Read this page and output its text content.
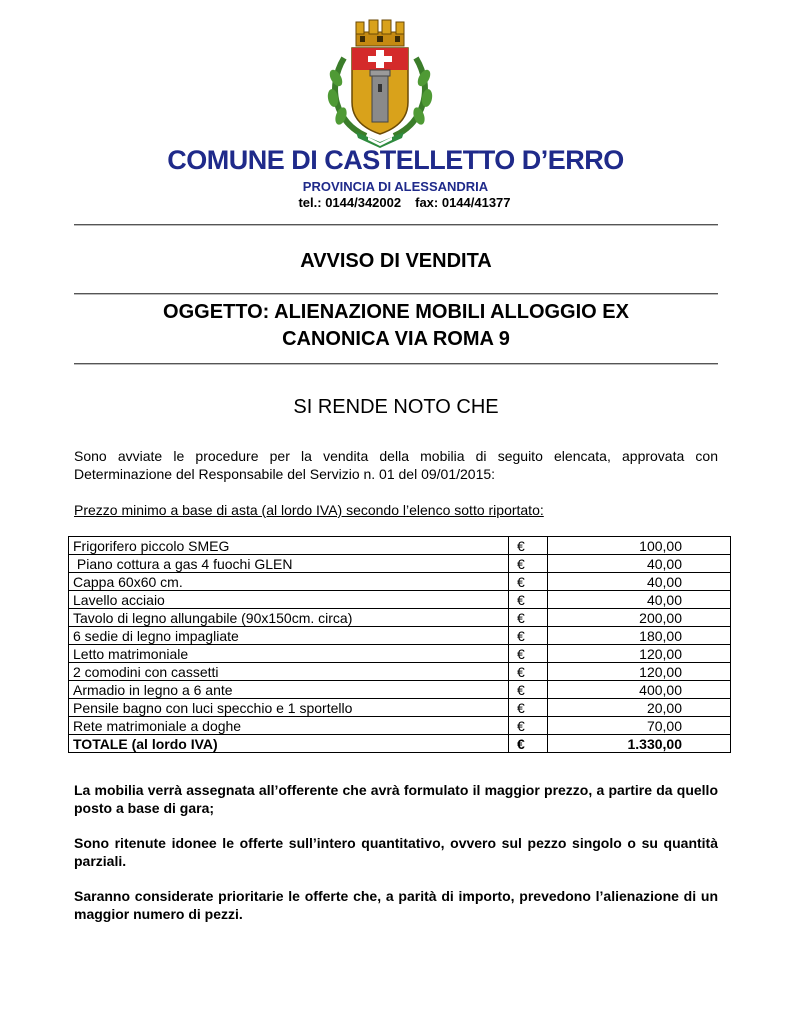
COMUNE DI CASTELLETTO D’ERRO
PROVINCIA DI ALESSANDRIA
tel.: 0144/342002 fax: 0144/41377
AVVISO DI VENDITA
OGGETTO: ALIENAZIONE MOBILI ALLOGGIO EX
CANONICA VIA ROMA 9
SI RENDE NOTO CHE
Sono avviate le procedure per la vendita della mobilia di seguito elencata, approvata con Determinazione del Responsabile del Servizio n. 01 del 09/01/2015:
Prezzo minimo a base di asta (al lordo IVA) secondo l’elenco sotto riportato:
Frigorifero piccolo SMEG	€	100,00
Piano cottura a gas 4 fuochi GLEN	€	40,00
Cappa 60x60 cm.	€	40,00
Lavello acciaio	€	40,00
Tavolo di legno allungabile (90x150cm. circa)	€	200,00
6 sedie di legno impagliate	€	180,00
Letto matrimoniale	€	120,00
2 comodini con cassetti	€	120,00
Armadio in legno a 6 ante	€	400,00
Pensile bagno con luci specchio e 1 sportello	€	20,00
Rete matrimoniale a doghe	€	70,00
TOTALE (al lordo IVA)	€	1.330,00
La mobilia verrà assegnata all’offerente che avrà formulato il maggior prezzo, a partire da quello posto a base di gara;
Sono ritenute idonee le offerte sull’intero quantitativo, ovvero sul pezzo singolo o su quantità parziali.
Saranno considerate prioritarie le offerte che, a parità di importo, prevedono l’alienazione di un maggior numero di pezzi.
